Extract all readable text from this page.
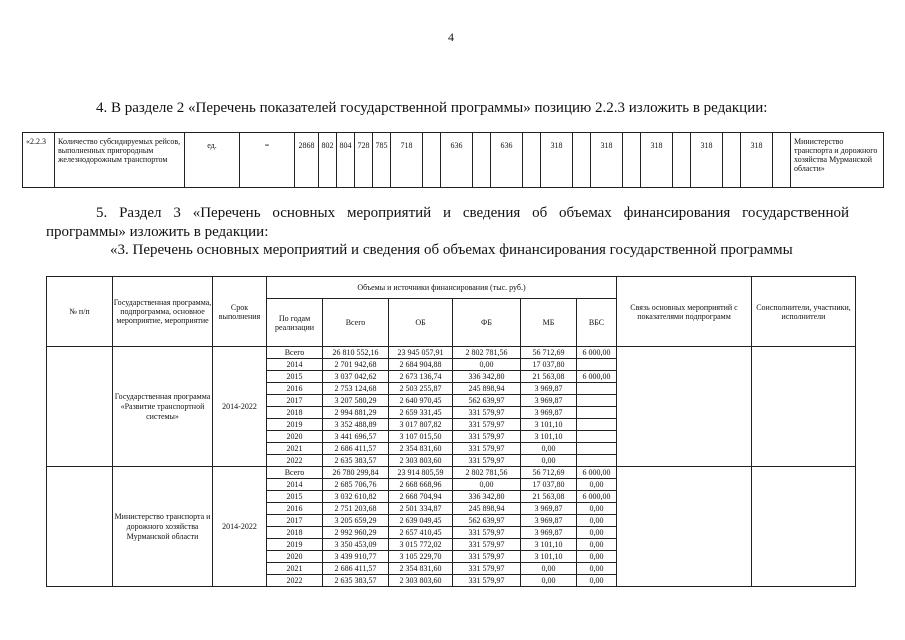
4
4. В разделе 2 «Перечень показателей государственной программы» позицию 2.2.3 изложить в редакции:
«2.2.3	Количество субсидируемых рейсов, выполненных пригородным железнодорожным транспортом	ед.	=	2868	802	804	728	785	718		636		636		318		318		318		318		318		Министерство транспорта и дорожного хозяйства Мурманской области»
5. Раздел 3 «Перечень основных мероприятий и сведения об объемах финансирования государственной
программы» изложить в редакции:
«3. Перечень основных мероприятий и сведения об объемах финансирования государственной программы
№ п/п	Государственная программа, подпрограмма, основное мероприятие, мероприятие	Срок выполнения	Объемы и источники финансирования (тыс. руб.)						Связь основных мероприятий с показателями подпрограмм	Соисполнители, участники, исполнители
			По годам реализации	Всего	ОБ	ФБ	МБ	ВБС		
	Государственная программа «Развитие транспортной системы»	2014-2022	Всего	26 810 552,16	23 945 057,91	2 802 781,56	56 712,69	6 000,00		
			2014	2 701 942,68	2 684 904,88	0,00	17 037,80			
			2015	3 037 042,62	2 673 136,74	336 342,80	21 563,08	6 000,00		
			2016	2 753 124,68	2 503 255,87	245 898,94	3 969,87			
			2017	3 207 580,29	2 640 970,45	562 639,97	3 969,87			
			2018	2 994 881,29	2 659 331,45	331 579,97	3 969,87			
			2019	3 352 488,89	3 017 807,82	331 579,97	3 101,10			
			2020	3 441 696,57	3 107 015,50	331 579,97	3 101,10			
			2021	2 686 411,57	2 354 831,60	331 579,97	0,00			
			2022	2 635 383,57	2 303 803,60	331 579,97	0,00			
	Министерство транспорта и дорожного хозяйства Мурманской области	2014-2022	Всего	26 780 299,84	23 914 805,59	2 802 781,56	56 712,69	6 000,00		
			2014	2 685 706,76	2 668 668,96	0,00	17 037,80	0,00		
			2015	3 032 610,82	2 668 704,94	336 342,80	21 563,08	6 000,00		
			2016	2 751 203,68	2 501 334,87	245 898,94	3 969,87	0,00		
			2017	3 205 659,29	2 639 049,45	562 639,97	3 969,87	0,00		
			2018	2 992 960,29	2 657 410,45	331 579,97	3 969,87	0,00		
			2019	3 350 453,09	3 015 772,02	331 579,97	3 101,10	0,00		
			2020	3 439 910,77	3 105 229,70	331 579,97	3 101,10	0,00		
			2021	2 686 411,57	2 354 831,60	331 579,97	0,00	0,00		
			2022	2 635 383,57	2 303 803,60	331 579,97	0,00	0,00		
